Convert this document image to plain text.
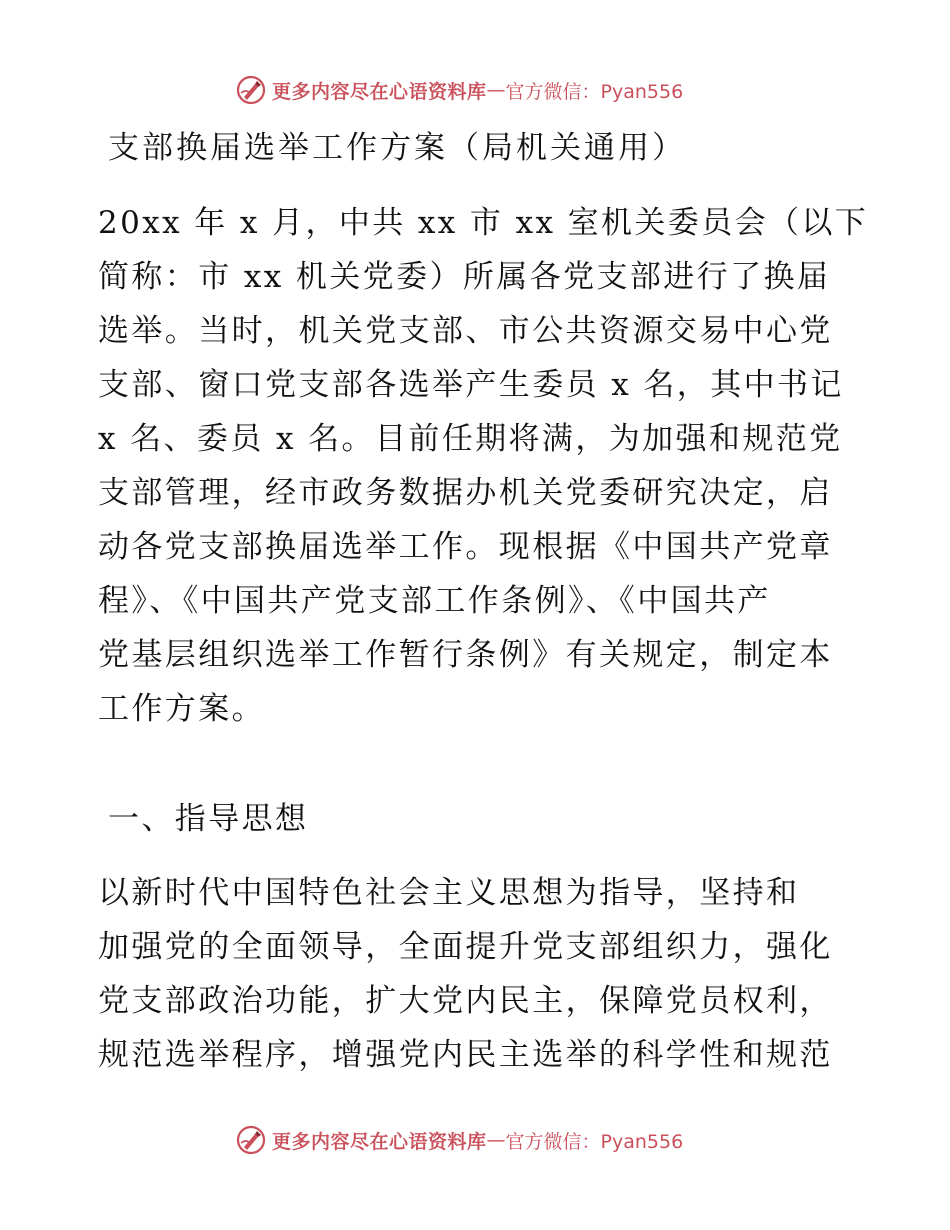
更多内容尽在心语资料库 — 官方微信：Pyan556
支部换届选举工作方案（局机关通用）

20xx 年 x 月，中共 xx 市 xx 室机关委员会（以下
简称：市 xx 机关党委）所属各党支部进行了换届
选举。当时，机关党支部、市公共资源交易中心党
支部、窗口党支部各选举产生委员 x 名，其中书记
x 名、委员 x 名。目前任期将满，为加强和规范党
支部管理，经市政务数据办机关党委研究决定，启
动各党支部换届选举工作。现根据《中国共产党章
程》、《中国共产党支部工作条例》、《中国共产
党基层组织选举工作暂行条例》有关规定，制定本
工作方案。

一、指导思想

以新时代中国特色社会主义思想为指导，坚持和
加强党的全面领导，全面提升党支部组织力，强化
党支部政治功能，扩大党内民主，保障党员权利，
规范选举程序，增强党内民主选举的科学性和规范

更多内容尽在心语资料库 — 官方微信：Pyan556
